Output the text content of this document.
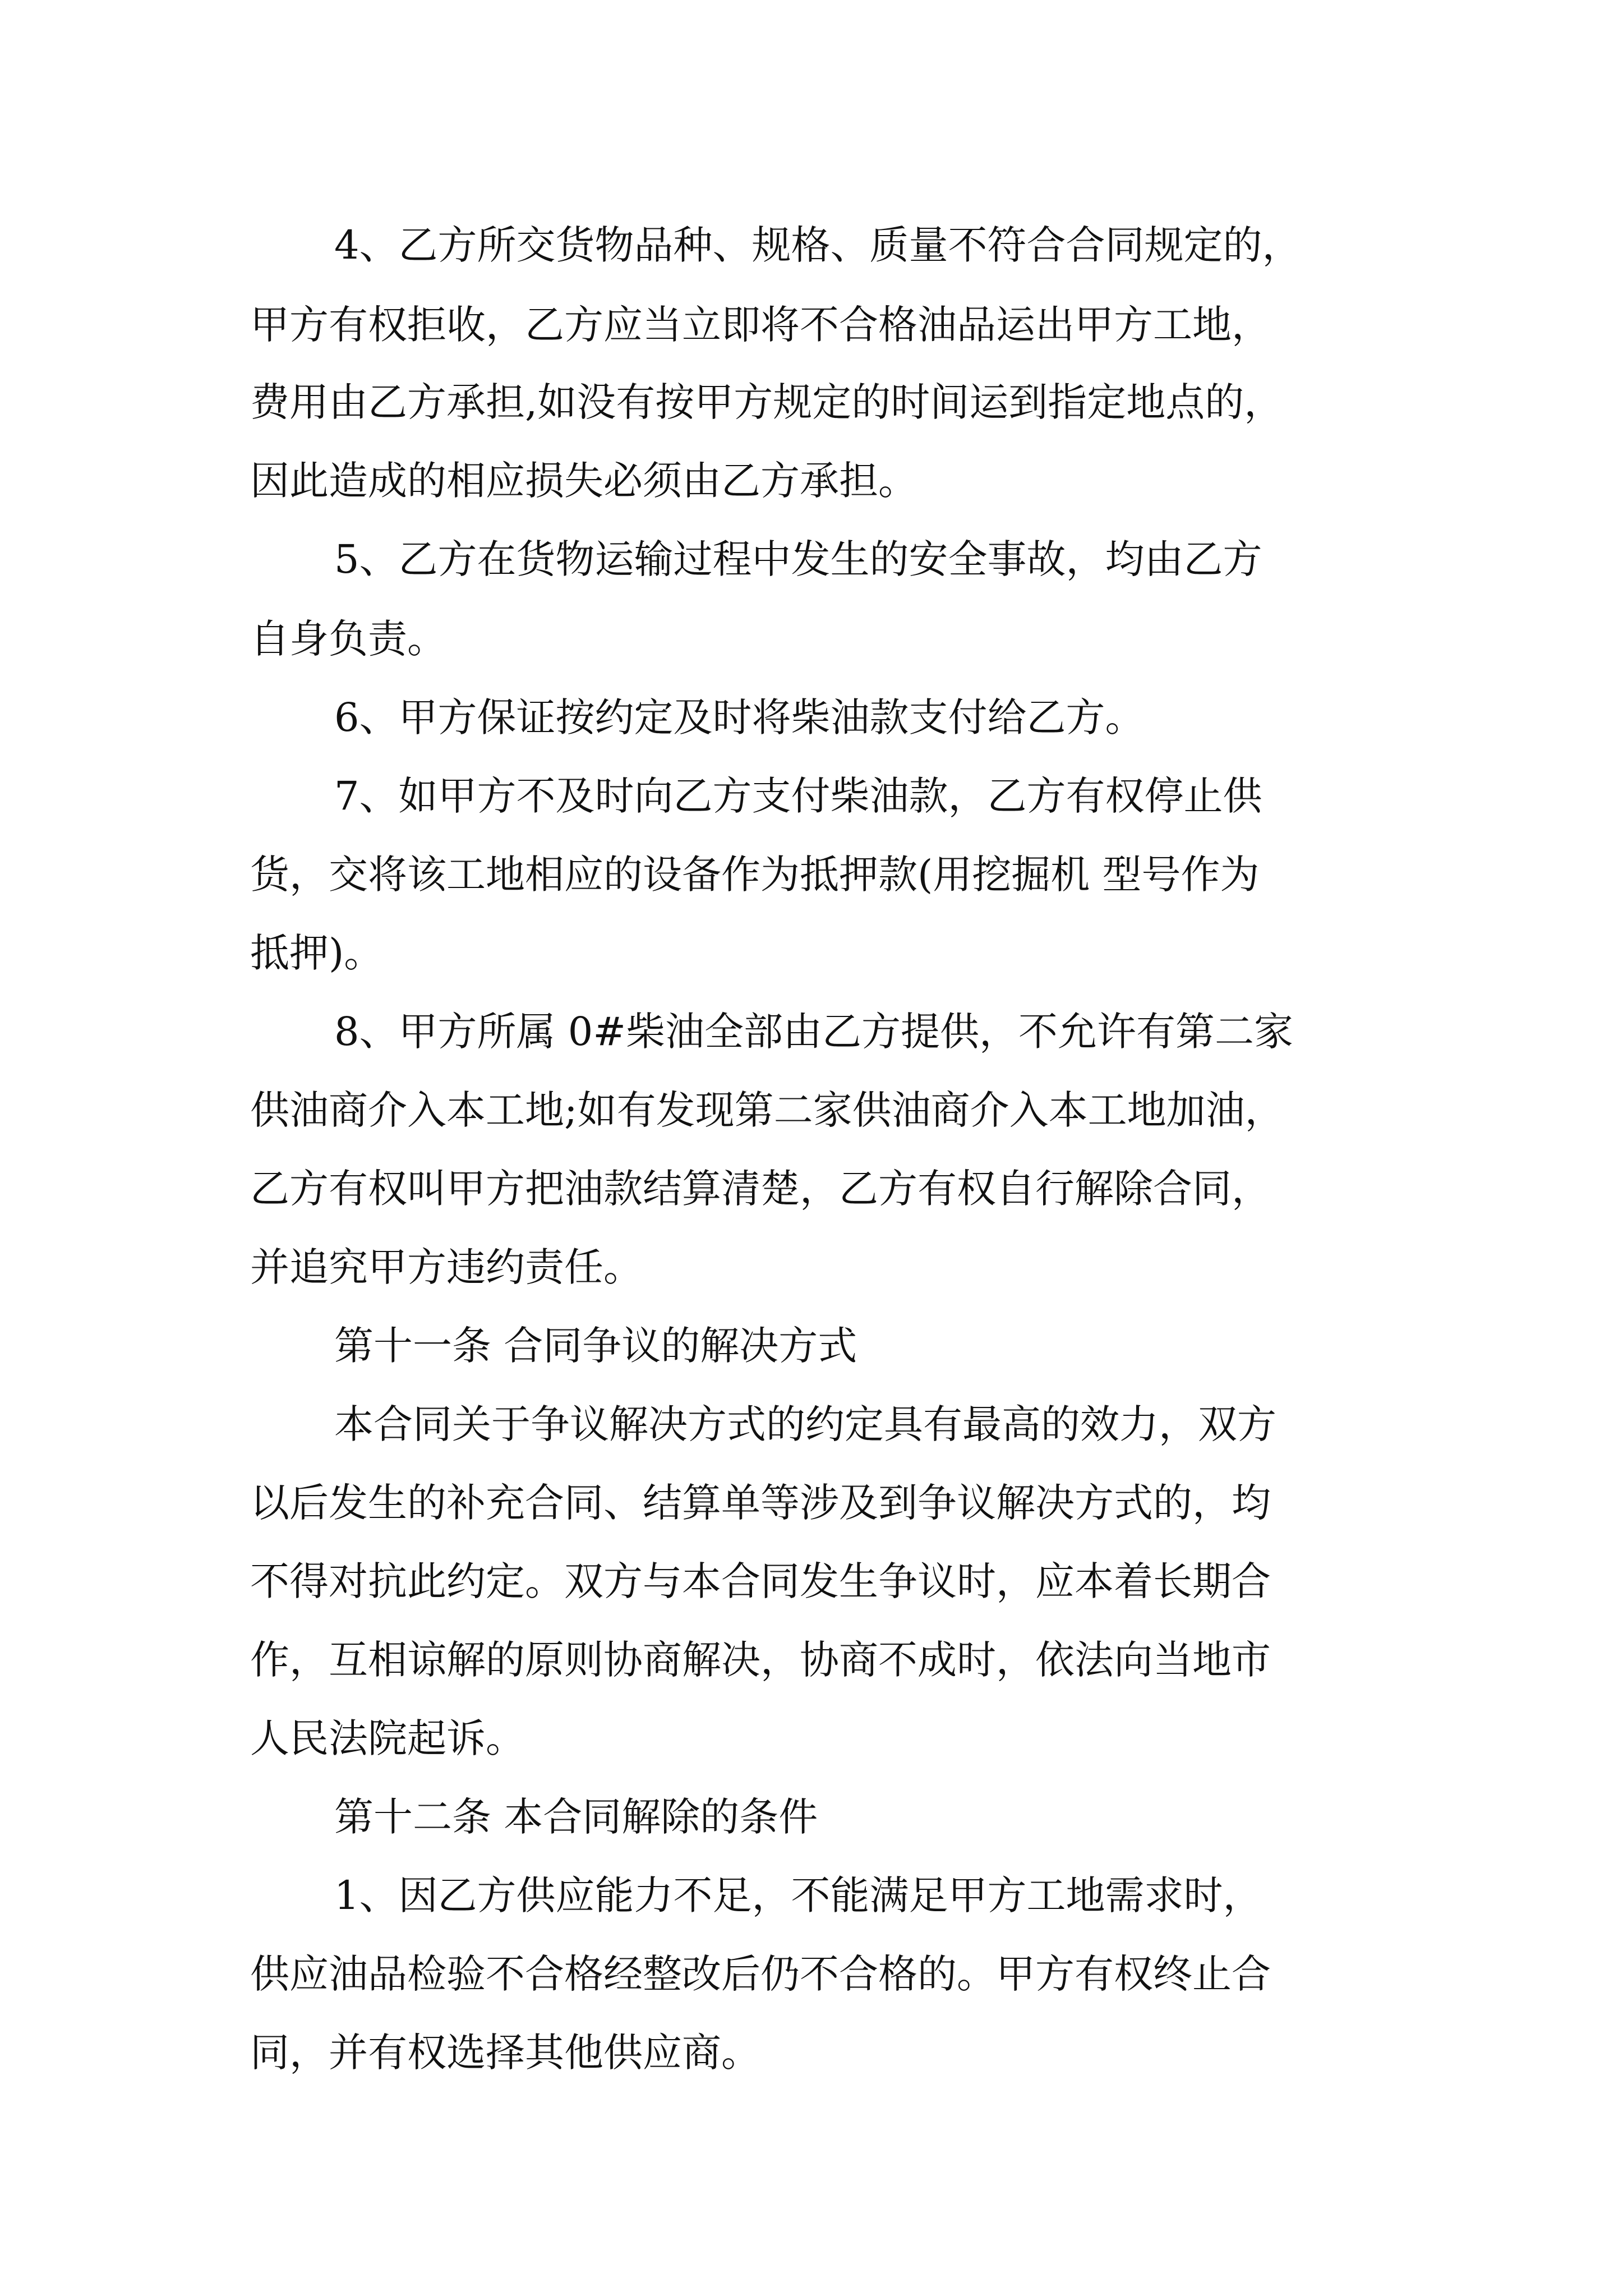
4、乙方所交货物品种、规格、质量不符合合同规定的，

甲方有权拒收，乙方应当立即将不合格油品运出甲方工地，

费用由乙方承担,如没有按甲方规定的时间运到指定地点的，

因此造成的相应损失必须由乙方承担。

5、乙方在货物运输过程中发生的安全事故，均由乙方

自身负责。

6、甲方保证按约定及时将柴油款支付给乙方。

7、如甲方不及时向乙方支付柴油款，乙方有权停止供

货，交将该工地相应的设备作为抵押款(用挖掘机 型号作为

抵押)。

8、甲方所属 0#柴油全部由乙方提供，不允许有第二家

供油商介入本工地;如有发现第二家供油商介入本工地加油，

乙方有权叫甲方把油款结算清楚，乙方有权自行解除合同，

并追究甲方违约责任。

第十一条 合同争议的解决方式

本合同关于争议解决方式的约定具有最高的效力，双方

以后发生的补充合同、结算单等涉及到争议解决方式的，均

不得对抗此约定。双方与本合同发生争议时，应本着长期合

作，互相谅解的原则协商解决，协商不成时，依法向当地市

人民法院起诉。

第十二条 本合同解除的条件

1、因乙方供应能力不足，不能满足甲方工地需求时，

供应油品检验不合格经整改后仍不合格的。甲方有权终止合

同，并有权选择其他供应商。
